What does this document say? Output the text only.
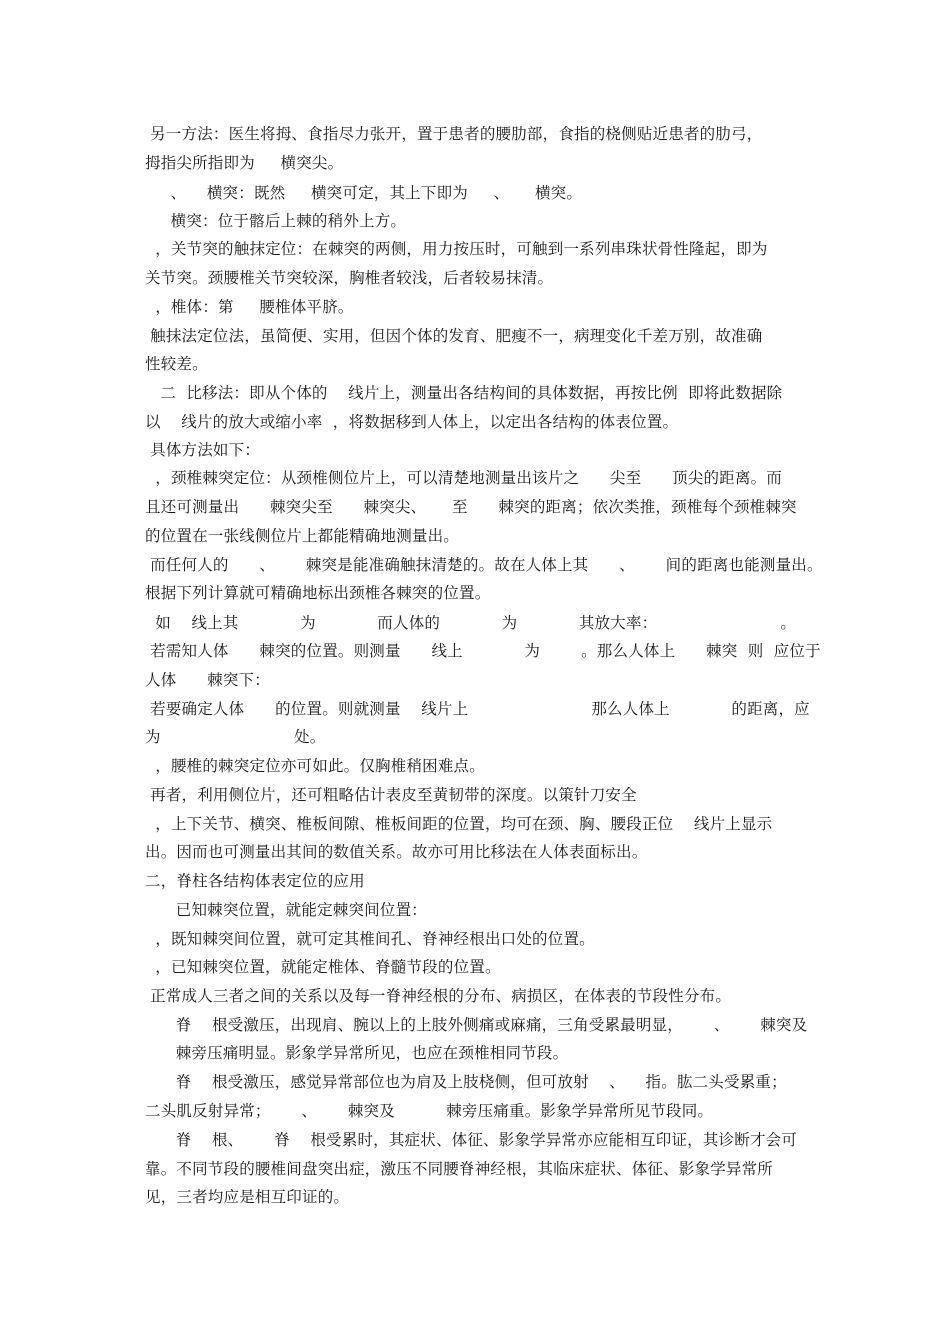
另一方法：医生将拇、食指尽力张开，置于患者的腰肋部，食指的桡侧贴近患者的肋弓，
拇指尖所指即为     横突尖。
、    横突：既然     横突可定，其上下即为     、     横突。
横突：位于髂后上棘的稍外上方。
，关节突的触抹定位：在棘突的两侧，用力按压时，可触到一系列串珠状骨性隆起，即为
关节突。颈腰椎关节突较深，胸椎者较浅，后者较易抹清。
，椎体：第     腰椎体平脐。
触抹法定位法，虽简便、实用，但因个体的发育、肥瘦不一，病理变化千差万别，故准确
性较差。
二  比移法：即从个体的    线片上，测量出各结构间的具体数据，再按比例  即将此数据除
以    线片的放大或缩小率  ，将数据移到人体上，以定出各结构的体表位置。
具体方法如下：
，颈椎棘突定位：从颈椎侧位片上，可以清楚地测量出该片之      尖至      顶尖的距离。而
且还可测量出      棘突尖至      棘突尖、     至      棘突的距离；依次类推，颈椎每个颈椎棘突
的位置在一张线侧位片上都能精确地测量出。
而任何人的      、      棘突是能准确触抹清楚的。故在人体上其      、      间的距离也能测量出。
根据下列计算就可精确地标出颈椎各棘突的位置。
如    线上其            为            而人体的            为            其放大率：                        。
若需知人体      棘突的位置。则测量      线上            为        。那么人体上      棘突  则  应位于
人体      棘突下：
若要确定人体      的位置。则就测量    线片上                        那么人体上            的距离，应
为                          处。
，腰椎的棘突定位亦可如此。仅胸椎稍困难点。
再者，利用侧位片，还可粗略估计表皮至黄韧带的深度。以策针刀安全
，上下关节、横突、椎板间隙、椎板间距的位置，均可在颈、胸、腰段正位    线片上显示
出。因而也可测量出其间的数值关系。故亦可用比移法在人体表面标出。
二，脊柱各结构体表定位的应用
已知棘突位置，就能定棘突间位置：
，既知棘突间位置，就可定其椎间孔、脊神经根出口处的位置。
，已知棘突位置，就能定椎体、脊髓节段的位置。
正常成人三者之间的关系以及每一脊神经根的分布、病损区，在体表的节段性分布。
脊    根受激压，出现肩、腕以上的上肢外侧痛或麻痛，三角受累最明显，      、      棘突及
棘旁压痛明显。影象学异常所见，也应在颈椎相同节段。
脊    根受激压，感觉异常部位也为肩及上肢桡侧，但可放射    、    指。肱二头受累重；
二头肌反射异常；      、      棘突及          棘旁压痛重。影象学异常所见节段同。
脊    根、      脊    根受累时，其症状、体征、影象学异常亦应能相互印证，其诊断才会可
靠。不同节段的腰椎间盘突出症，激压不同腰脊神经根，其临床症状、体征、影象学异常所
见，三者均应是相互印证的。
